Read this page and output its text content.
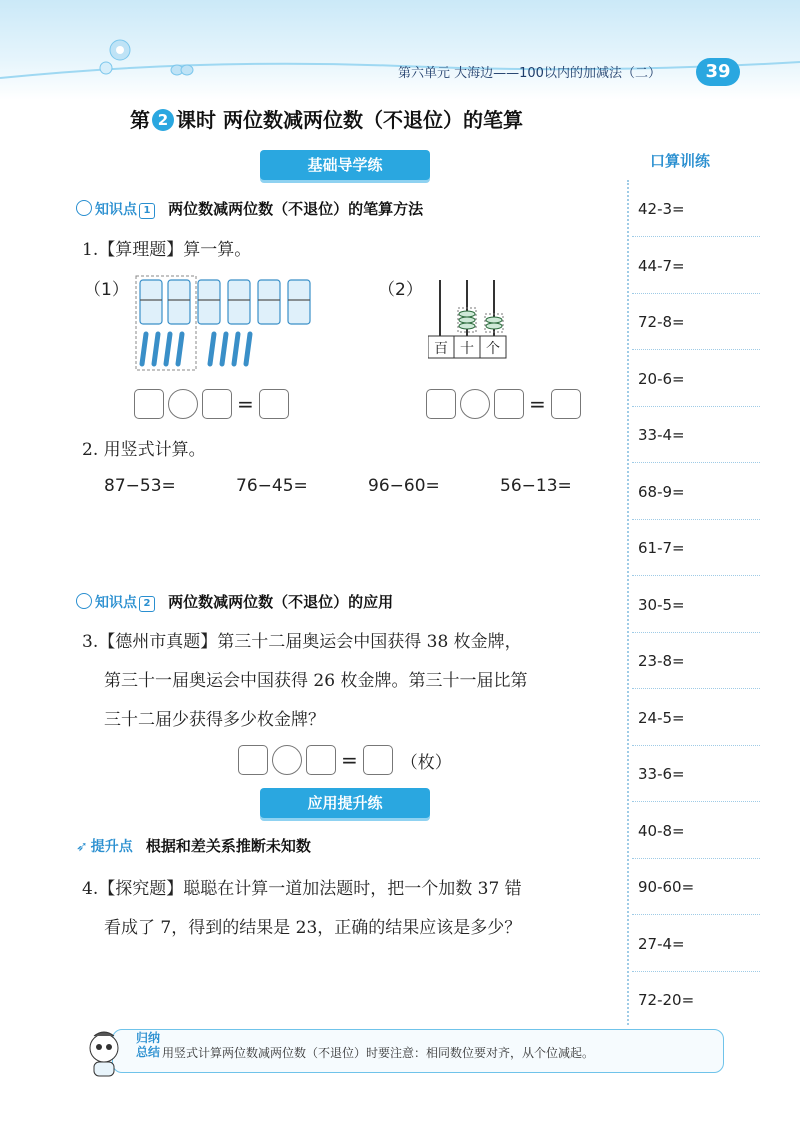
第六单元 大海边——100以内的加减法（二）	39
第 2 课时 两位数减两位数（不退位）的笔算
基础导学练	口算训练
知识点 1 两位数减两位数（不退位）的笔算方法
1.【算理题】算一算。
（1）	（2）
百 十 个
=	=
2. 用竖式计算。
87−53=	76−45=	96−60=	56−13=
知识点 2 两位数减两位数（不退位）的应用
3.【德州市真题】第三十二届奥运会中国获得 38 枚金牌，
第三十一届奥运会中国获得 26 枚金牌。第三十一届比第
三十二届少获得多少枚金牌？
=	（枚）
应用提升练
➶ 提升点 根据和差关系推断未知数
4.【探究题】聪聪在计算一道加法题时，把一个加数 37 错
看成了 7，得到的结果是 23，正确的结果应该是多少？
42-3=
44-7=
72-8=
20-6=
33-4=
68-9=
61-7=
30-5=
23-8=
24-5=
33-6=
40-8=
90-60=
27-4=
72-20=
归纳总结 用竖式计算两位数减两位数（不退位）时要注意：相同数位要对齐，从个位减起。
